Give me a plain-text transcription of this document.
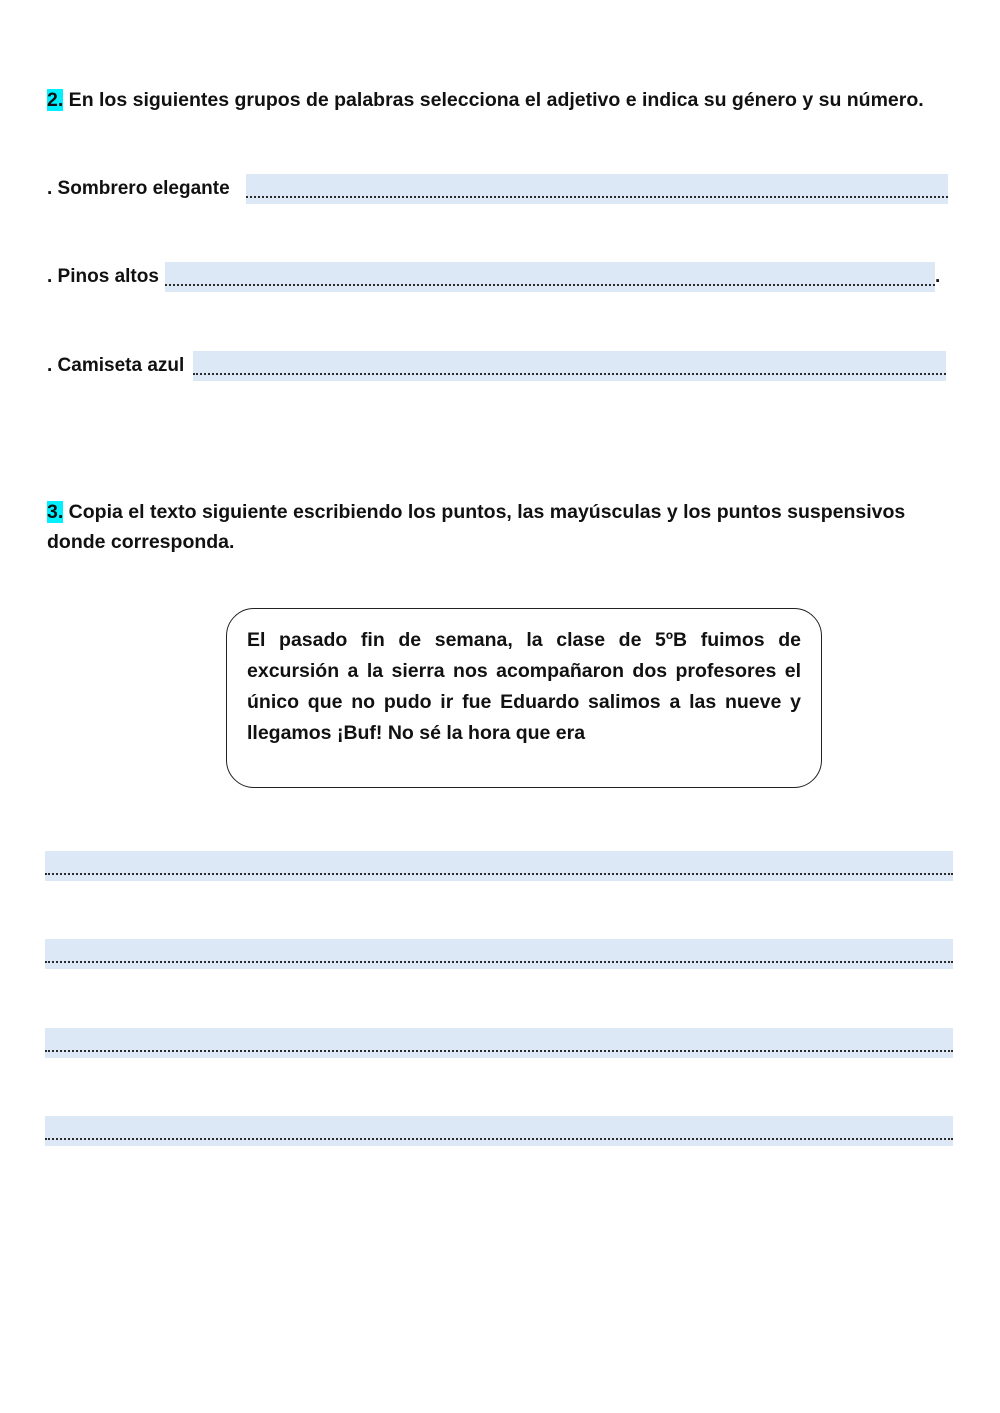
2. En los siguientes grupos de palabras selecciona el adjetivo e indica su género y su número.
. Sombrero elegante
. Pinos altos	.
. Camiseta azul
3. Copia el texto siguiente escribiendo los puntos, las mayúsculas y los puntos suspensivos donde corresponda.
El pasado fin de semana, la clase de 5ºB fuimos de excursión a la sierra nos acompañaron dos profesores el único que no pudo ir fue Eduardo salimos a las nueve y llegamos ¡Buf! No sé la hora que era
